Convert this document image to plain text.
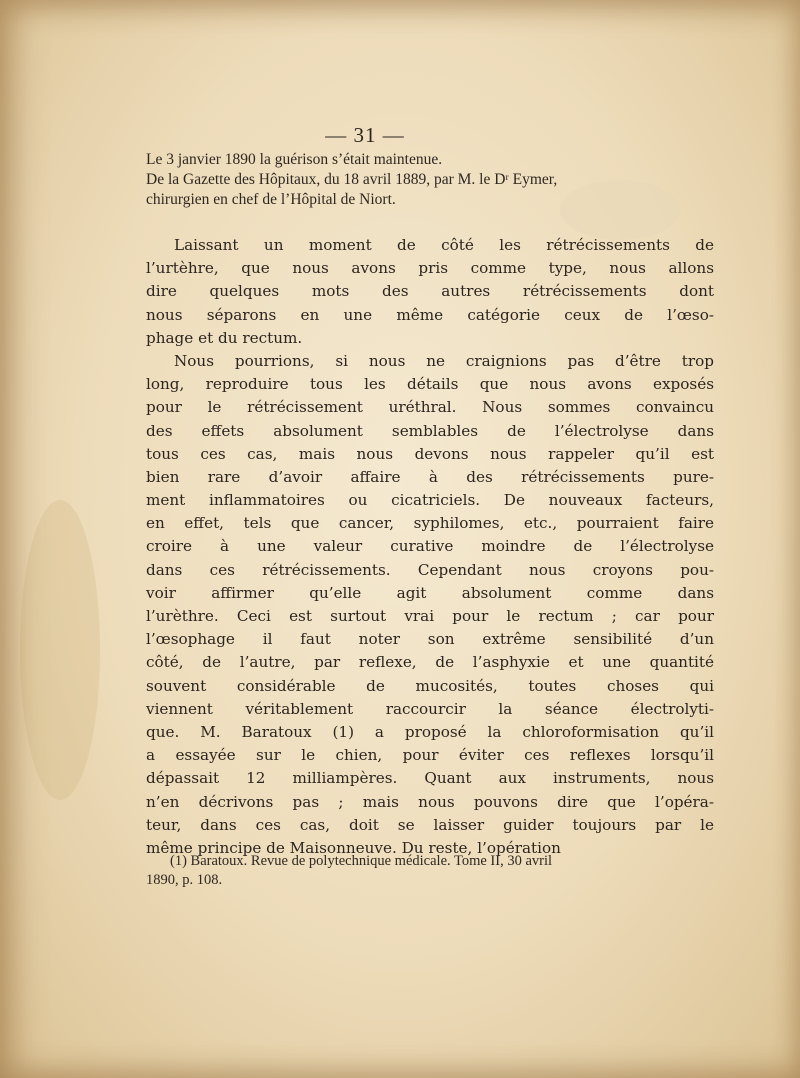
— 31 —
Le 3 janvier 1890 la guérison s’était maintenue.
De la Gazette des Hôpitaux, du 18 avril 1889, par M. le Dʳ Eymer,
chirurgien en chef de l’Hôpital de Niort.
Laissant un moment de côté les rétrécissements de
l’urtèhre, que nous avons pris comme type, nous allons
dire quelques mots des autres rétrécissements dont
nous séparons en une même catégorie ceux de l’œso-
phage et du rectum.
Nous pourrions, si nous ne craignions pas d’être trop
long, reproduire tous les détails que nous avons exposés
pour le rétrécissement uréthral. Nous sommes convaincu
des effets absolument semblables de l’électrolyse dans
tous ces cas, mais nous devons nous rappeler qu’il est
bien rare d’avoir affaire à des rétrécissements pure-
ment inflammatoires ou cicatriciels. De nouveaux facteurs,
en effet, tels que cancer, syphilomes, etc., pourraient faire
croire à une valeur curative moindre de l’électrolyse
dans ces rétrécissements. Cependant nous croyons pou-
voir affirmer qu’elle agit absolument comme dans
l’urèthre. Ceci est surtout vrai pour le rectum ; car pour
l’œsophage il faut noter son extrême sensibilité d’un
côté, de l’autre, par reflexe, de l’asphyxie et une quantité
souvent considérable de mucosités, toutes choses qui
viennent véritablement raccourcir la séance électrolyti-
que. M. Baratoux (1) a proposé la chloroformisation qu’il
a essayée sur le chien, pour éviter ces reflexes lorsqu’il
dépassait 12 milliampères. Quant aux instruments, nous
n’en décrivons pas ; mais nous pouvons dire que l’opéra-
teur, dans ces cas, doit se laisser guider toujours par le
même principe de Maisonneuve. Du reste, l’opération
(1) Baratoux. Revue de polytechnique médicale. Tome II, 30 avril
1890, p. 108.
